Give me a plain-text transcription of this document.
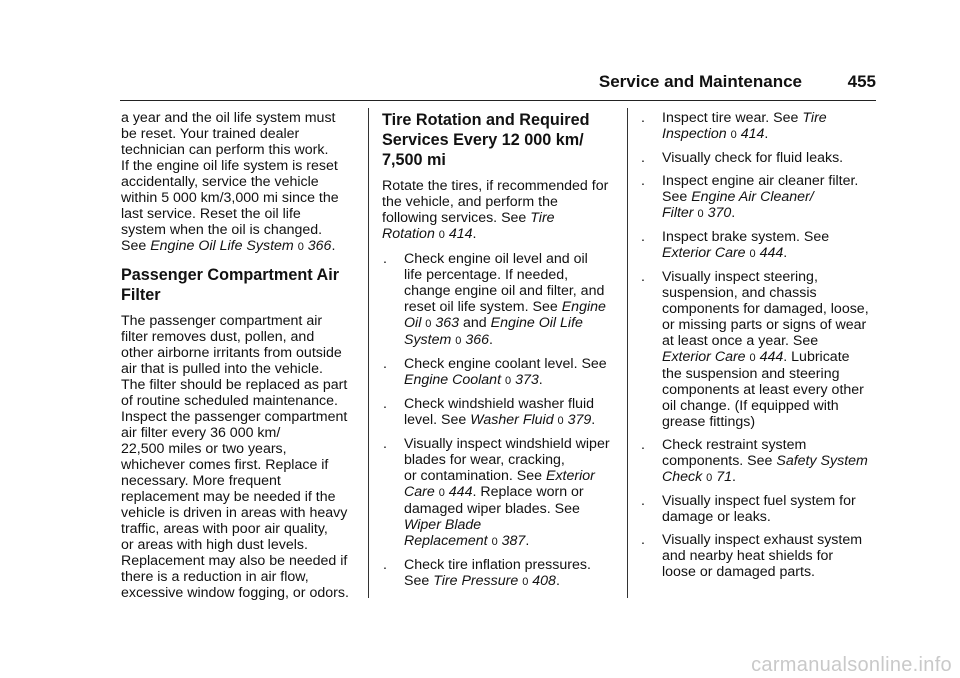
Service and Maintenance	455

a year and the oil life system must
be reset. Your trained dealer
technician can perform this work.
If the engine oil life system is reset
accidentally, service the vehicle
within 5 000 km/3,000 mi since the
last service. Reset the oil life
system when the oil is changed.
See Engine Oil Life System 0 366.

Passenger Compartment Air
Filter

The passenger compartment air
filter removes dust, pollen, and
other airborne irritants from outside
air that is pulled into the vehicle.
The filter should be replaced as part
of routine scheduled maintenance.
Inspect the passenger compartment
air filter every 36 000 km/
22,500 miles or two years,
whichever comes first. Replace if
necessary. More frequent
replacement may be needed if the
vehicle is driven in areas with heavy
traffic, areas with poor air quality,
or areas with high dust levels.
Replacement may also be needed if
there is a reduction in air flow,
excessive window fogging, or odors.

Tire Rotation and Required
Services Every 12 000 km/
7,500 mi

Rotate the tires, if recommended for
the vehicle, and perform the
following services. See Tire
Rotation 0 414.

. Check engine oil level and oil
life percentage. If needed,
change engine oil and filter, and
reset oil life system. See Engine
Oil 0 363 and Engine Oil Life
System 0 366.
. Check engine coolant level. See
Engine Coolant 0 373.
. Check windshield washer fluid
level. See Washer Fluid 0 379.
. Visually inspect windshield wiper
blades for wear, cracking,
or contamination. See Exterior
Care 0 444. Replace worn or
damaged wiper blades. See
Wiper Blade
Replacement 0 387.
. Check tire inflation pressures.
See Tire Pressure 0 408.
. Inspect tire wear. See Tire
Inspection 0 414.
. Visually check for fluid leaks.
. Inspect engine air cleaner filter.
See Engine Air Cleaner/
Filter 0 370.
. Inspect brake system. See
Exterior Care 0 444.
. Visually inspect steering,
suspension, and chassis
components for damaged, loose,
or missing parts or signs of wear
at least once a year. See
Exterior Care 0 444. Lubricate
the suspension and steering
components at least every other
oil change. (If equipped with
grease fittings)
. Check restraint system
components. See Safety System
Check 0 71.
. Visually inspect fuel system for
damage or leaks.
. Visually inspect exhaust system
and nearby heat shields for
loose or damaged parts.
carmanualsonline.info
